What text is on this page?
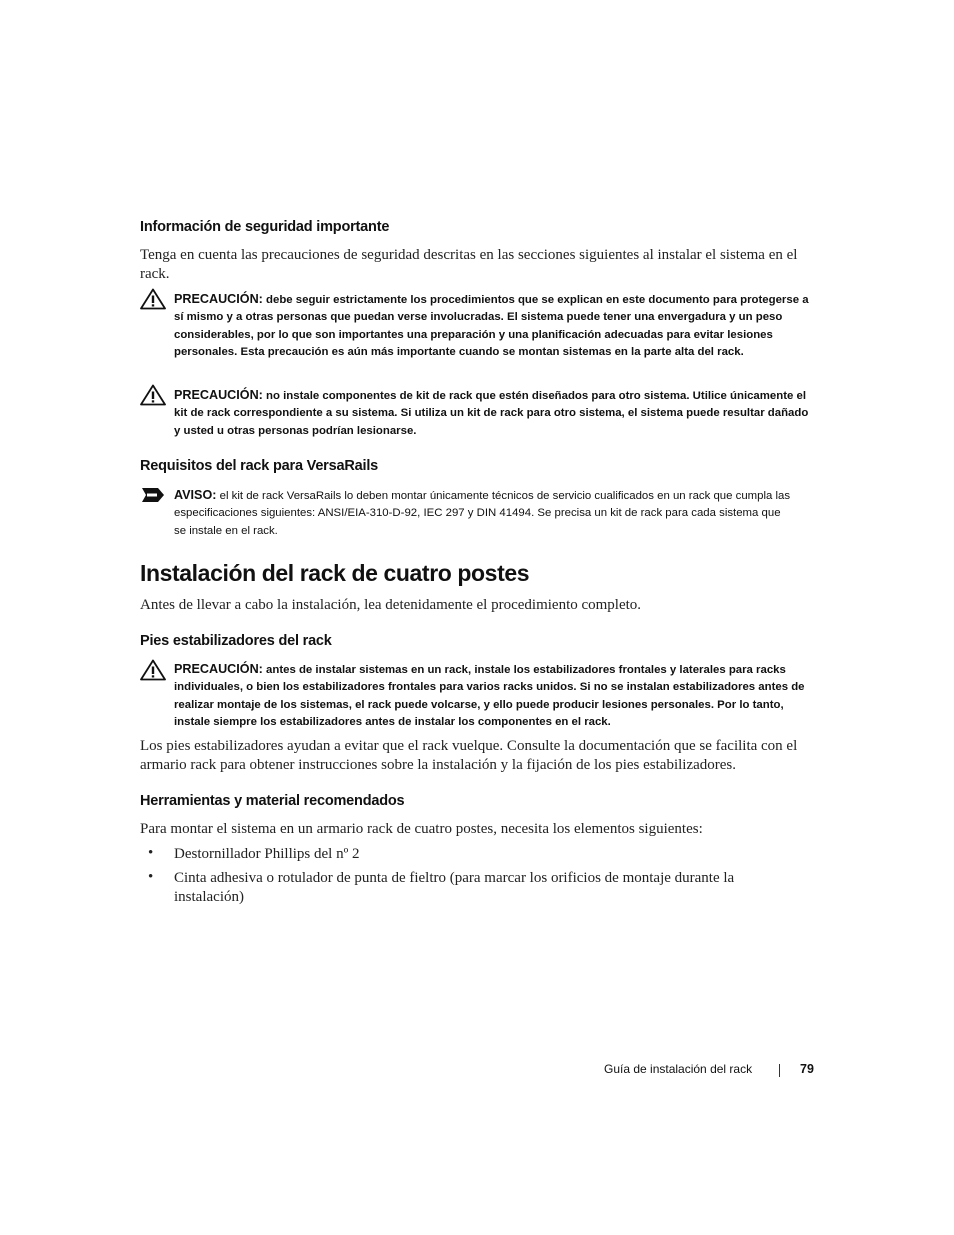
Información de seguridad importante
Tenga en cuenta las precauciones de seguridad descritas en las secciones siguientes al instalar el sistema en el rack.
PRECAUCIÓN: debe seguir estrictamente los procedimientos que se explican en este documento para protegerse a sí mismo y a otras personas que puedan verse involucradas. El sistema puede tener una envergadura y un peso considerables, por lo que son importantes una preparación y una planificación adecuadas para evitar lesiones personales. Esta precaución es aún más importante cuando se montan sistemas en la parte alta del rack.
PRECAUCIÓN: no instale componentes de kit de rack que estén diseñados para otro sistema. Utilice únicamente el kit de rack correspondiente a su sistema. Si utiliza un kit de rack para otro sistema, el sistema puede resultar dañado y usted u otras personas podrían lesionarse.
Requisitos del rack para VersaRails
AVISO: el kit de rack VersaRails lo deben montar únicamente técnicos de servicio cualificados en un rack que cumpla las especificaciones siguientes: ANSI/EIA-310-D-92, IEC 297 y DIN 41494. Se precisa un kit de rack para cada sistema que se instale en el rack.
Instalación del rack de cuatro postes
Antes de llevar a cabo la instalación, lea detenidamente el procedimiento completo.
Pies estabilizadores del rack
PRECAUCIÓN: antes de instalar sistemas en un rack, instale los estabilizadores frontales y laterales para racks individuales, o bien los estabilizadores frontales para varios racks unidos. Si no se instalan estabilizadores antes de realizar montaje de los sistemas, el rack puede volcarse, y ello puede producir lesiones personales. Por lo tanto, instale siempre los estabilizadores antes de instalar los componentes en el rack.
Los pies estabilizadores ayudan a evitar que el rack vuelque. Consulte la documentación que se facilita con el armario rack para obtener instrucciones sobre la instalación y la fijación de los pies estabilizadores.
Herramientas y material recomendados
Para montar el sistema en un armario rack de cuatro postes, necesita los elementos siguientes:
• Destornillador Phillips del nº 2
• Cinta adhesiva o rotulador de punta de fieltro (para marcar los orificios de montaje durante la instalación)
Guía de instalación del rack	79
